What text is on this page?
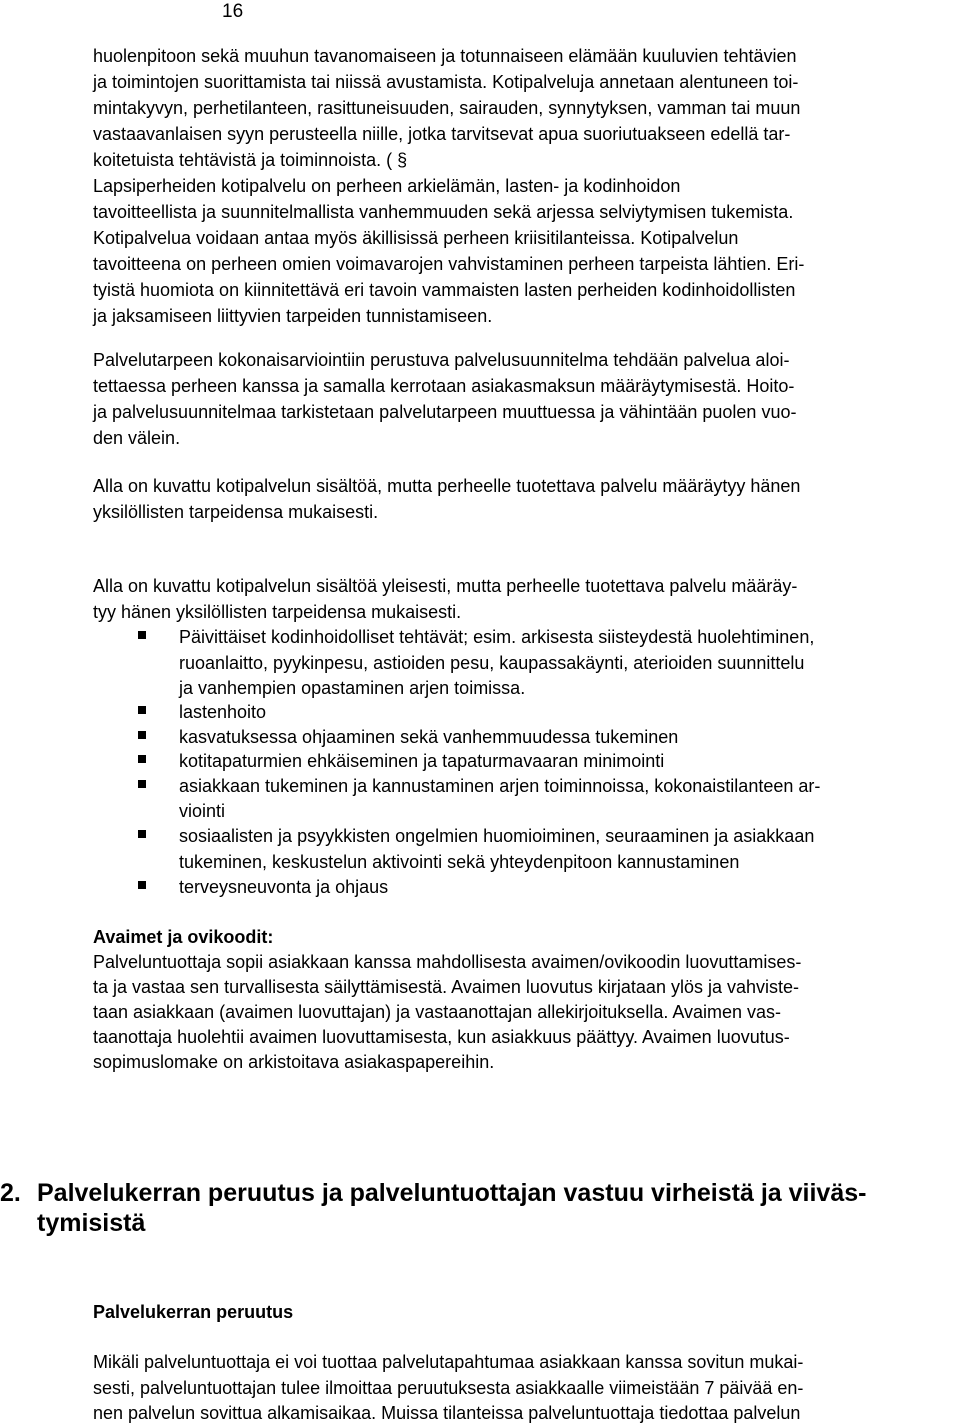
16
huolenpitoon sekä muuhun tavanomaiseen ja totunnaiseen elämään kuuluvien tehtävien
ja toimintojen suorittamista tai niissä avustamista. Kotipalveluja annetaan alentuneen toi-
mintakyvyn, perhetilanteen, rasittuneisuuden, sairauden, synnytyksen, vamman tai muun
vastaavanlaisen syyn perusteella niille, jotka tarvitsevat apua suoriutuakseen edellä tar-
koitetuista tehtävistä ja toiminnoista. ( §
Lapsiperheiden kotipalvelu on perheen arkielämän, lasten- ja kodinhoidon
tavoitteellista ja suunnitelmallista vanhemmuuden sekä arjessa selviytymisen tukemista.
Kotipalvelua voidaan antaa myös äkillisissä perheen kriisitilanteissa. Kotipalvelun
tavoitteena on perheen omien voimavarojen vahvistaminen perheen tarpeista lähtien. Eri-
tyistä huomiota on kiinnitettävä eri tavoin vammaisten lasten perheiden kodinhoidollisten
ja jaksamiseen liittyvien tarpeiden tunnistamiseen.
Palvelutarpeen kokonaisarviointiin perustuva palvelusuunnitelma tehdään palvelua aloi-
tettaessa perheen kanssa ja samalla kerrotaan asiakasmaksun määräytymisestä. Hoito-
ja palvelusuunnitelmaa tarkistetaan palvelutarpeen muuttuessa ja vähintään puolen vuo-
den välein.
Alla on kuvattu kotipalvelun sisältöä, mutta perheelle tuotettava palvelu määräytyy hänen
yksilöllisten tarpeidensa mukaisesti.
Alla on kuvattu kotipalvelun sisältöä yleisesti, mutta perheelle tuotettava palvelu määräy-
tyy hänen yksilöllisten tarpeidensa mukaisesti.
Päivittäiset kodinhoidolliset tehtävät; esim. arkisesta siisteydestä huolehtiminen,
ruoanlaitto, pyykinpesu, astioiden pesu, kaupassakäynti, aterioiden suunnittelu
ja vanhempien opastaminen arjen toimissa.
lastenhoito
kasvatuksessa ohjaaminen sekä vanhemmuudessa tukeminen
kotitapaturmien ehkäiseminen ja tapaturmavaaran minimointi
asiakkaan tukeminen ja kannustaminen arjen toiminnoissa, kokonaistilanteen ar-
viointi
sosiaalisten ja psyykkisten ongelmien huomioiminen, seuraaminen ja asiakkaan
tukeminen, keskustelun aktivointi sekä yhteydenpitoon kannustaminen
terveysneuvonta ja ohjaus
Avaimet ja ovikoodit:
Palveluntuottaja sopii asiakkaan kanssa mahdollisesta avaimen/ovikoodin luovuttamises-
ta ja vastaa sen turvallisesta säilyttämisestä. Avaimen luovutus kirjataan ylös ja vahviste-
taan asiakkaan (avaimen luovuttajan) ja vastaanottajan allekirjoituksella. Avaimen vas-
taanottaja huolehtii avaimen luovuttamisesta, kun asiakkuus päättyy. Avaimen luovutus-
sopimuslomake on arkistoitava asiakaspapereihin.
2. Palvelukerran peruutus ja palveluntuottajan vastuu virheistä ja viiväs-
tymisistä
Palvelukerran peruutus
Mikäli palveluntuottaja ei voi tuottaa palvelutapahtumaa asiakkaan kanssa sovitun mukai-
sesti, palveluntuottajan tulee ilmoittaa peruutuksesta asiakkaalle viimeistään 7 päivää en-
nen palvelun sovittua alkamisaikaa. Muissa tilanteissa palveluntuottaja tiedottaa palvelun
